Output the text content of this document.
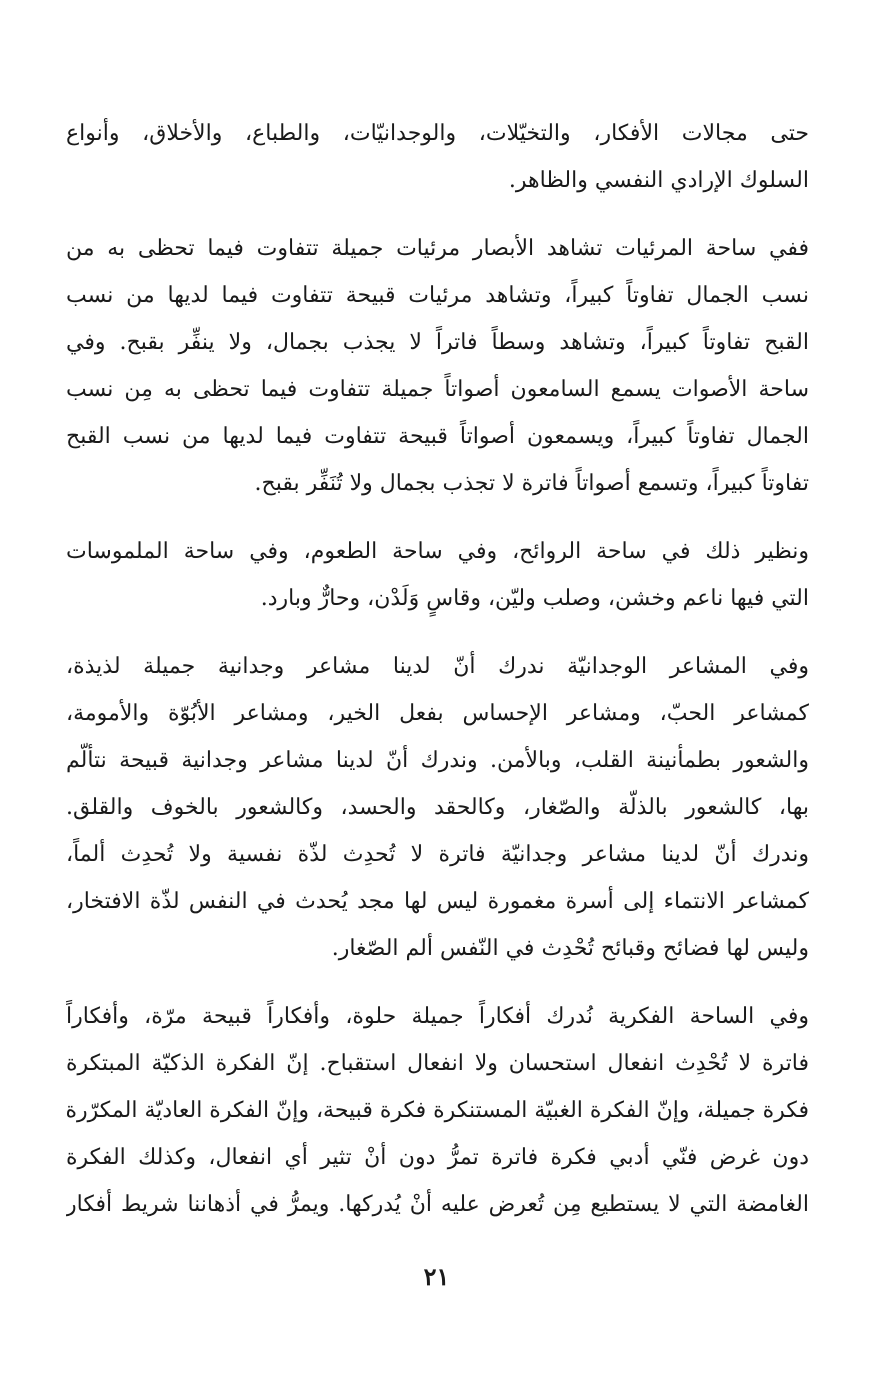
حتى مجالات الأفكار، والتخيّلات، والوجدانيّات، والطباع، والأخلاق، وأنواع
السلوك الإرادي النفسي والظاهر.

ففي ساحة المرئيات تشاهد الأبصار مرئيات جميلة تتفاوت فيما تحظى به من
نسب الجمال تفاوتاً كبيراً، وتشاهد مرئيات قبيحة تتفاوت فيما لديها من نسب
القبح تفاوتاً كبيراً، وتشاهد وسطاً فاتراً لا يجذب بجمال، ولا ينفِّر بقبح. وفي
ساحة الأصوات يسمع السامعون أصواتاً جميلة تتفاوت فيما تحظى به مِن نسب
الجمال تفاوتاً كبيراً، ويسمعون أصواتاً قبيحة تتفاوت فيما لديها من نسب القبح
تفاوتاً كبيراً، وتسمع أصواتاً فاترة لا تجذب بجمال ولا تُنَفِّر بقبح.

ونظير ذلك في ساحة الروائح، وفي ساحة الطعوم، وفي ساحة الملموسات
التي فيها ناعم وخشن، وصلب وليّن، وقاسٍ وَلَدْن، وحارٌّ وبارد.

وفي المشاعر الوجدانيّة ندرك أنّ لدينا مشاعر وجدانية جميلة لذيذة،
كمشاعر الحبّ، ومشاعر الإحساس بفعل الخير، ومشاعر الأبُوّة والأمومة،
والشعور بطمأنينة القلب، وبالأمن. وندرك أنّ لدينا مشاعر وجدانية قبيحة نتألّم
بها، كالشعور بالذلّة والصّغار، وكالحقد والحسد، وكالشعور بالخوف والقلق.
وندرك أنّ لدينا مشاعر وجدانيّة فاترة لا تُحدِث لذّة نفسية ولا تُحدِث ألماً،
كمشاعر الانتماء إلى أسرة مغمورة ليس لها مجد يُحدث في النفس لذّة الافتخار،
وليس لها فضائح وقبائح تُحْدِث في النّفس ألم الصّغار.

وفي الساحة الفكرية نُدرك أفكاراً جميلة حلوة، وأفكاراً قبيحة مرّة، وأفكاراً
فاترة لا تُحْدِث انفعال استحسان ولا انفعال استقباح. إنّ الفكرة الذكيّة المبتكرة
فكرة جميلة، وإنّ الفكرة الغبيّة المستنكرة فكرة قبيحة، وإنّ الفكرة العاديّة المكرّرة
دون غرض فنّي أدبي فكرة فاترة تمرُّ دون أنْ تثير أي انفعال، وكذلك الفكرة
الغامضة التي لا يستطيع مِن تُعرض عليه أنْ يُدركها. ويمرُّ في أذهاننا شريط أفكار

٢١
